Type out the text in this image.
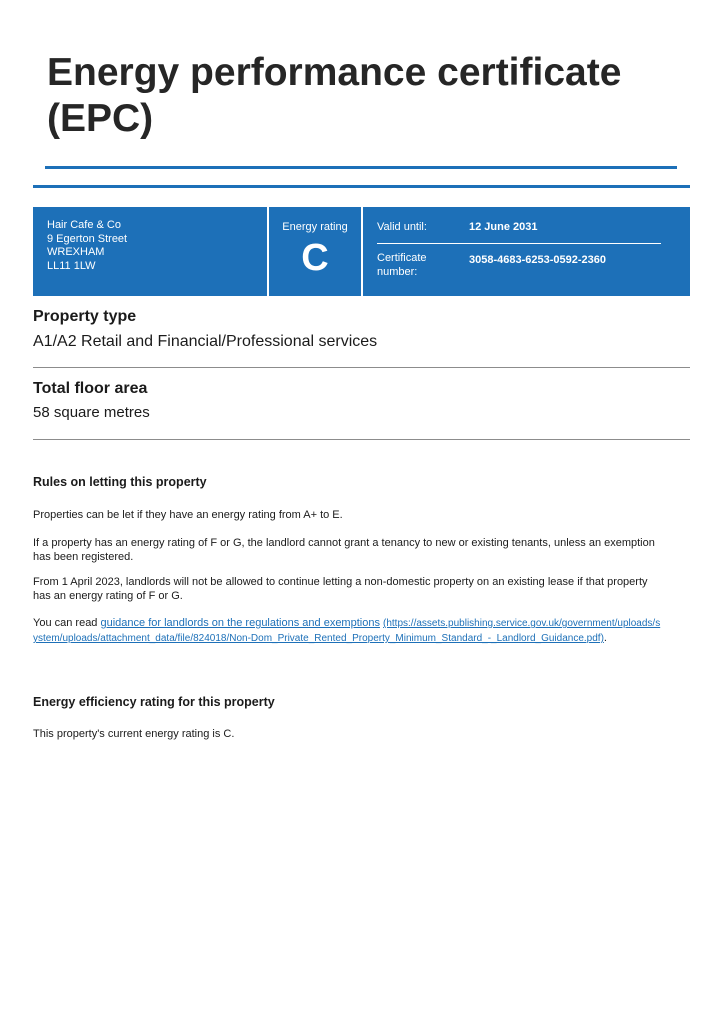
Energy performance certificate (EPC)
Hair Cafe & Co
9 Egerton Street
WREXHAM
LL11 1LW
Energy rating
C
Valid until:	12 June 2031
Certificate number:
3058-4683-6253-0592-2360
Property type

A1/A2 Retail and Financial/Professional services

Total floor area

58 square metres

Rules on letting this property

Properties can be let if they have an energy rating from A+ to E.

If a property has an energy rating of F or G, the landlord cannot grant a tenancy to new or existing tenants, unless an exemption has been registered.

From 1 April 2023, landlords will not be allowed to continue letting a non-domestic property on an existing lease if that property has an energy rating of F or G.

You can read guidance for landlords on the regulations and exemptions (https://assets.publishing.service.gov.uk/government/uploads/system/uploads/attachment_data/file/824018/Non-Dom_Private_Rented_Property_Minimum_Standard_-_Landlord_Guidance.pdf).

Energy efficiency rating for this property

This property's current energy rating is C.
